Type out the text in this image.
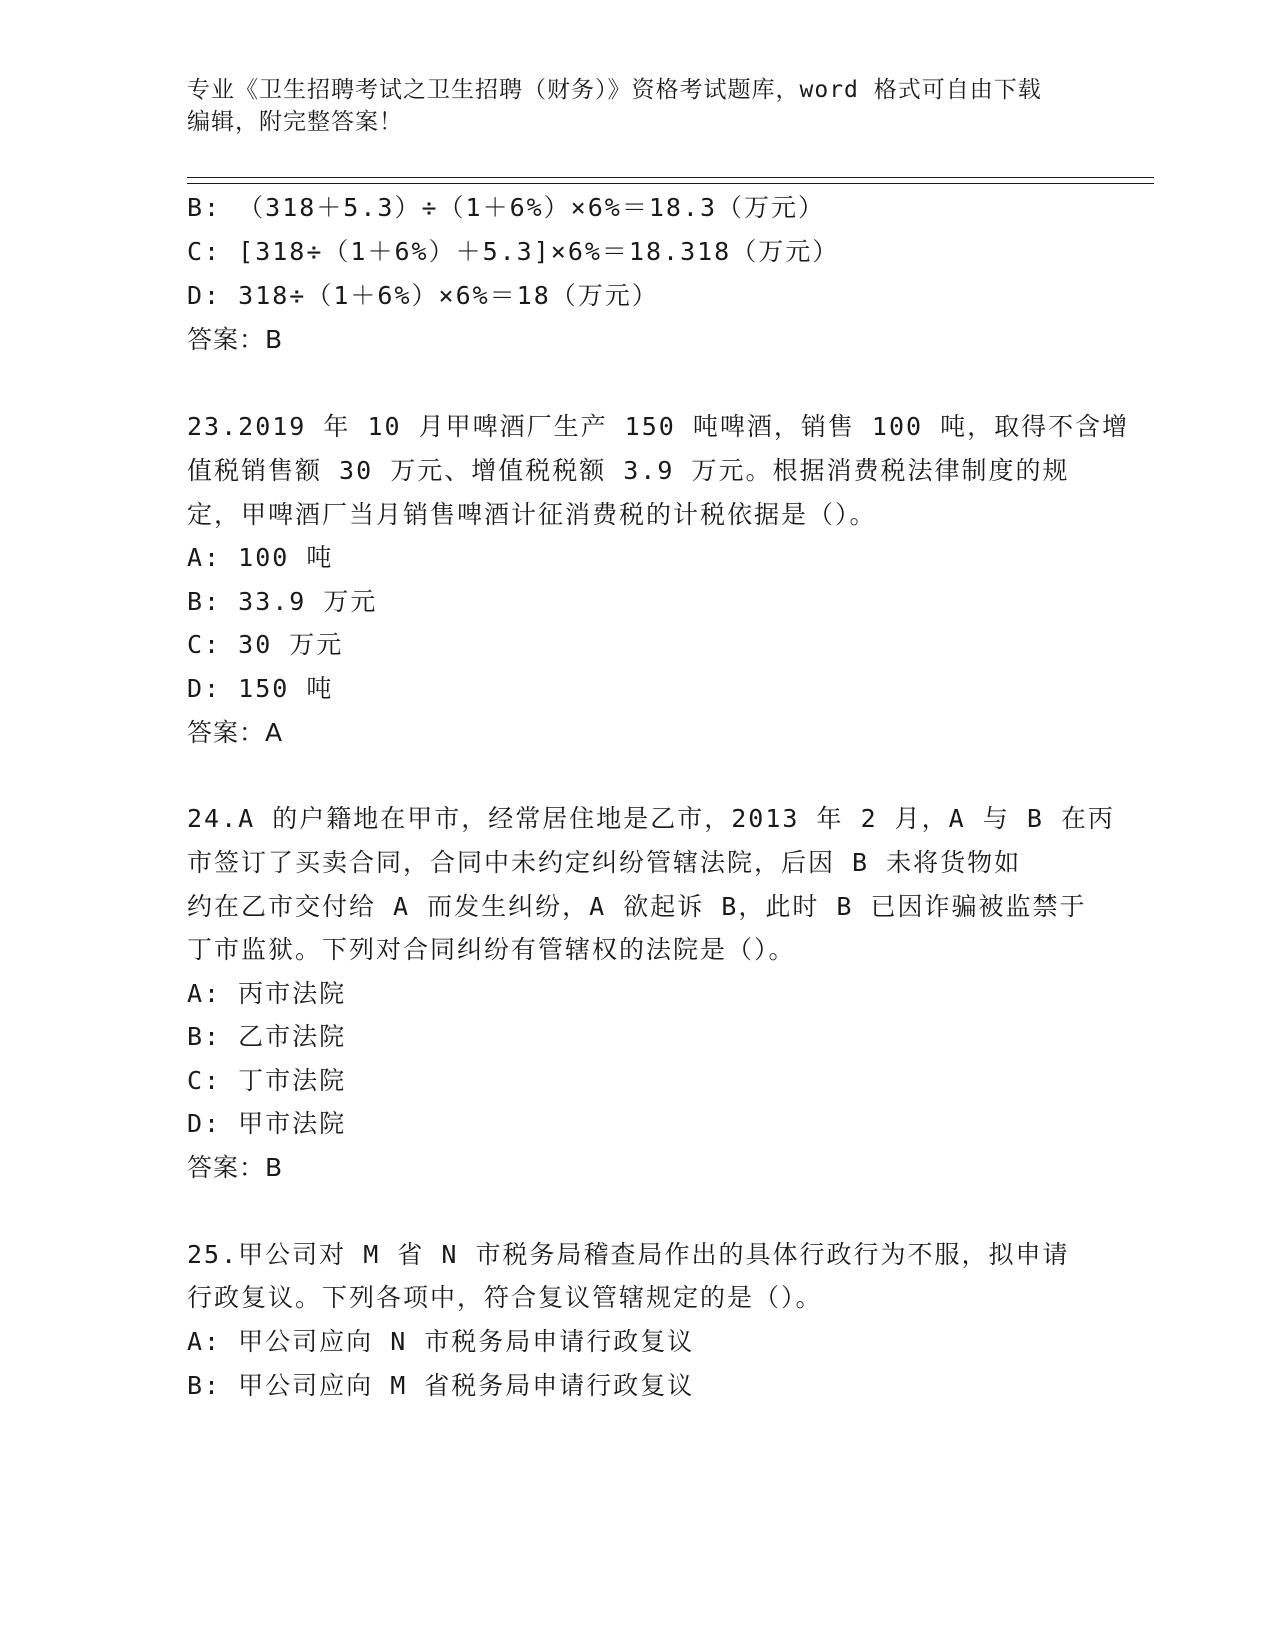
专业《卫生招聘考试之卫生招聘（财务）》资格考试题库，word 格式可自由下载
编辑，附完整答案！
B: （318＋5.3）÷（1＋6%）×6%＝18.3（万元）
C: [318÷（1＋6%）＋5.3]×6%＝18.318（万元）
D: 318÷（1＋6%）×6%＝18（万元）
答案：B
23.2019 年 10 月甲啤酒厂生产 150 吨啤酒，销售 100 吨，取得不含增
值税销售额 30 万元、增值税税额 3.9 万元。根据消费税法律制度的规
定，甲啤酒厂当月销售啤酒计征消费税的计税依据是（）。
A: 100 吨
B: 33.9 万元
C: 30 万元
D: 150 吨
答案：A
24.A 的户籍地在甲市，经常居住地是乙市，2013 年 2 月，A 与 B 在丙
市签订了买卖合同，合同中未约定纠纷管辖法院，后因 B 未将货物如
约在乙市交付给 A 而发生纠纷，A 欲起诉 B，此时 B 已因诈骗被监禁于
丁市监狱。下列对合同纠纷有管辖权的法院是（）。
A: 丙市法院
B: 乙市法院
C: 丁市法院
D: 甲市法院
答案：B
25.甲公司对 M 省 N 市税务局稽查局作出的具体行政行为不服，拟申请
行政复议。下列各项中，符合复议管辖规定的是（）。
A: 甲公司应向 N 市税务局申请行政复议
B: 甲公司应向 M 省税务局申请行政复议
